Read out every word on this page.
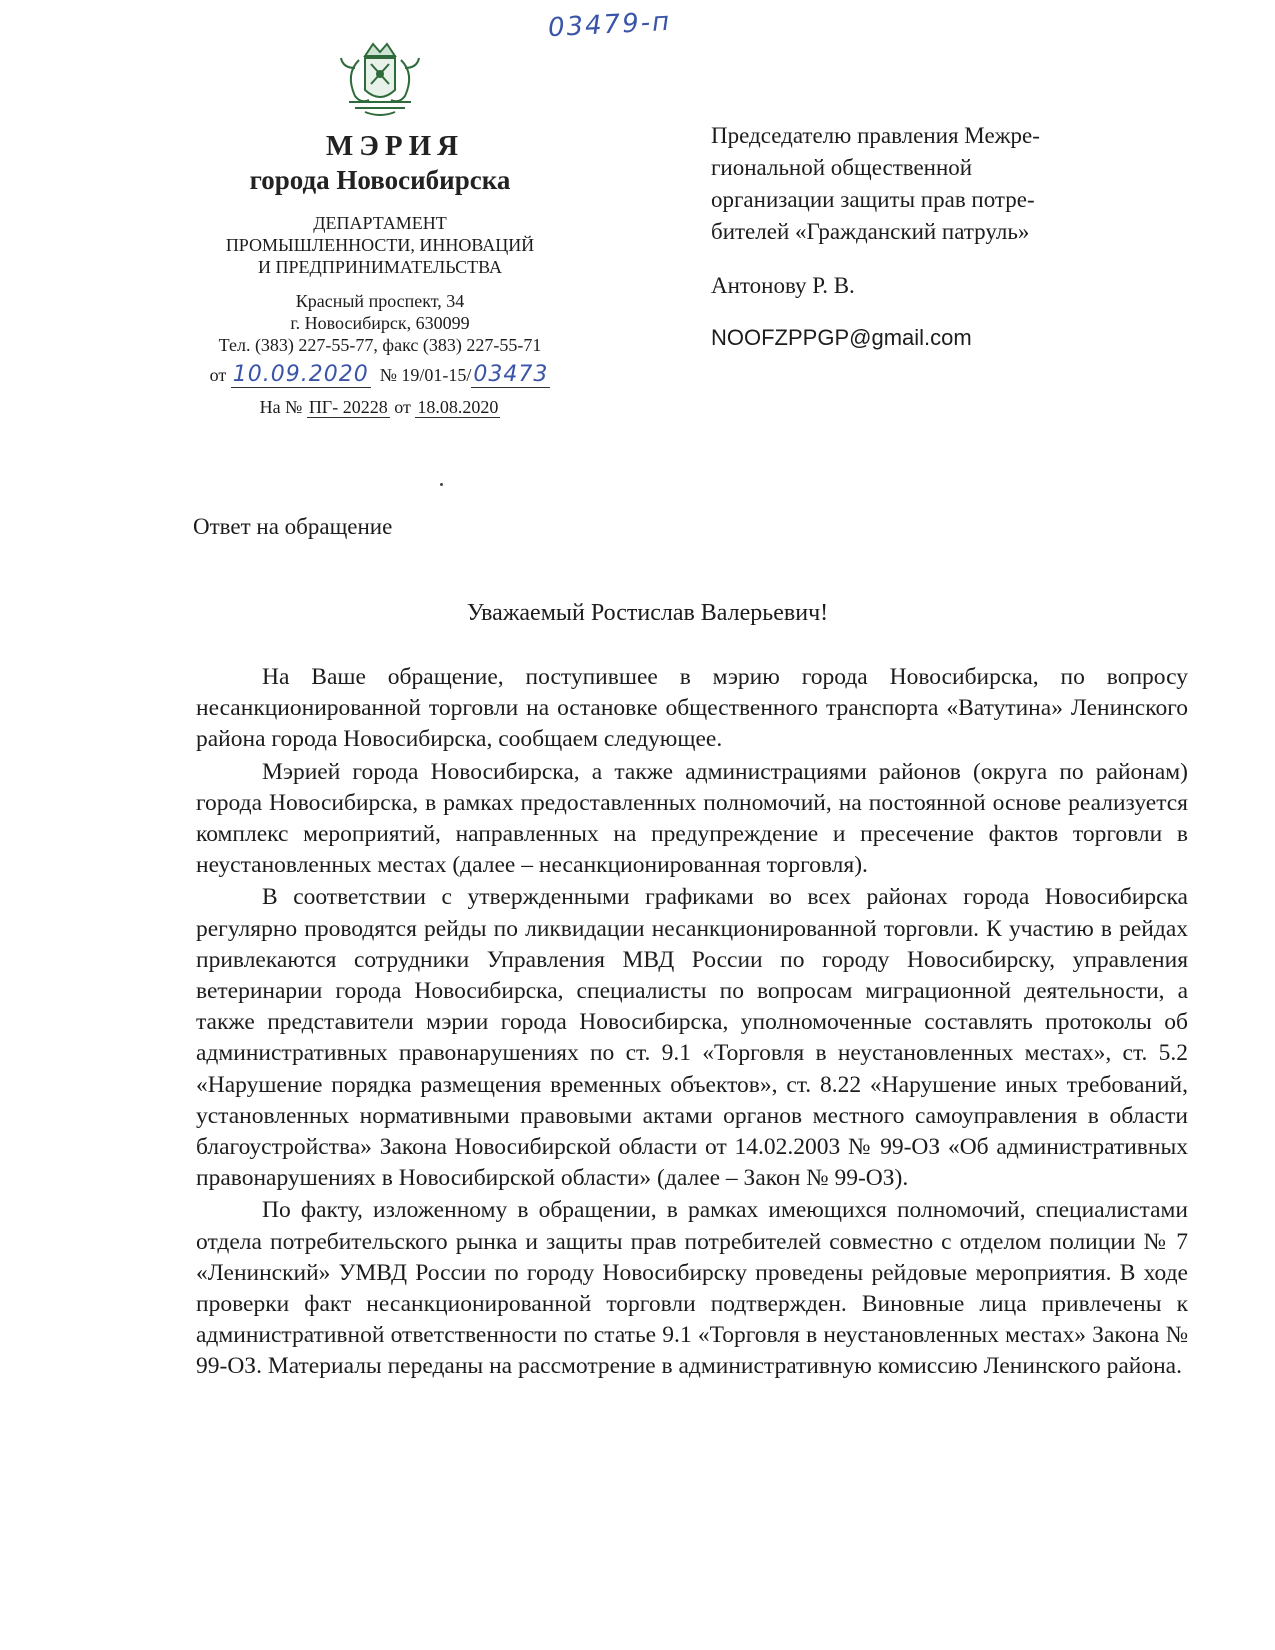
03479-п
МЭРИЯ
города Новосибирска
ДЕПАРТАМЕНТ
ПРОМЫШЛЕННОСТИ, ИННОВАЦИЙ
И ПРЕДПРИНИМАТЕЛЬСТВА
Красный проспект, 34
г. Новосибирск, 630099
Тел. (383) 227-55-77, факс (383) 227-55-71
от 10.09.2020 № 19/01-15/03473
На № ПГ- 20228 от 18.08.2020
Председателю правления Межре-
гиональной общественной
организации защиты прав потре-
бителей «Гражданский патруль»
Антонову Р. В.
NOOFZPPGP@gmail.com
Ответ на обращение
Уважаемый Ростислав Валерьевич!

На Ваше обращение, поступившее в мэрию города Новосибирска, по вопросу несанкционированной торговли на остановке общественного транспорта «Ватутина» Ленинского района города Новосибирска, сообщаем следующее.

Мэрией города Новосибирска, а также администрациями районов (округа по районам) города Новосибирска, в рамках предоставленных полномочий, на постоянной основе реализуется комплекс мероприятий, направленных на предупреждение и пресечение фактов торговли в неустановленных местах (далее – несанкционированная торговля).

В соответствии с утвержденными графиками во всех районах города Новосибирска регулярно проводятся рейды по ликвидации несанкционированной торговли. К участию в рейдах привлекаются сотрудники Управления МВД России по городу Новосибирску, управления ветеринарии города Новосибирска, специалисты по вопросам миграционной деятельности, а также представители мэрии города Новосибирска, уполномоченные составлять протоколы об административных правонарушениях по ст. 9.1 «Торговля в неустановленных местах», ст. 5.2 «Нарушение порядка размещения временных объектов», ст. 8.22 «Нарушение иных требований, установленных нормативными правовыми актами органов местного самоуправления в области благоустройства» Закона Новосибирской области от 14.02.2003 № 99-ОЗ «Об административных правонарушениях в Новосибирской области» (далее – Закон № 99-ОЗ).

По факту, изложенному в обращении, в рамках имеющихся полномочий, специалистами отдела потребительского рынка и защиты прав потребителей совместно с отделом полиции № 7 «Ленинский» УМВД России по городу Новосибирску проведены рейдовые мероприятия. В ходе проверки факт несанкционированной торговли подтвержден. Виновные лица привлечены к административной ответственности по статье 9.1 «Торговля в неустановленных местах» Закона № 99-ОЗ. Материалы переданы на рассмотрение в административную комиссию Ленинского района.
